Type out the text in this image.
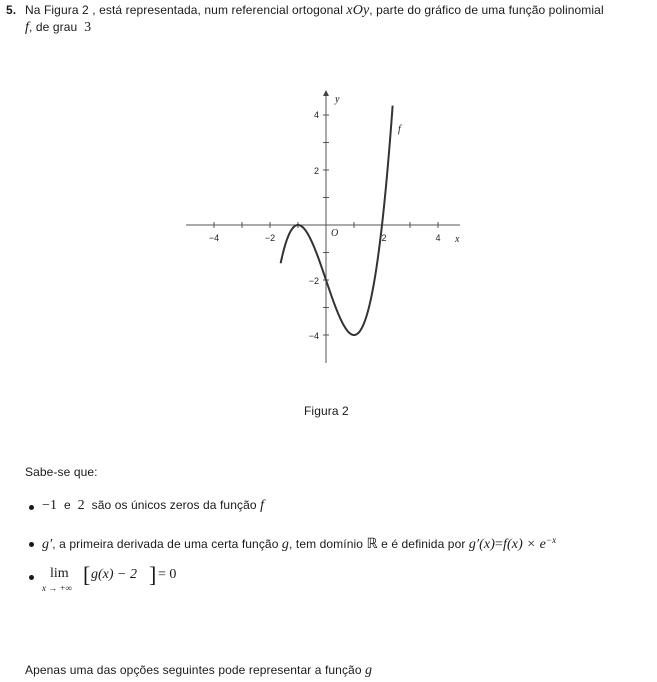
5. Na Figura 2 , está representada, num referencial ortogonal xOy, parte do gráfico de uma função polinomial
f, de grau 3
−4	−2	2	4
4
2
−2
−4
O
x
y
f
Figura 2
Sabe-se que:
−1 e 2 são os únicos zeros da função f
g′, a primeira derivada de uma certa função g, tem domínio ℝ e é definida por $g'(x)=f(x) \times e^{-x}$
lim
x → +∞
[ g(x) − 2 ] = 0
Apenas uma das opções seguintes pode representar a função g
